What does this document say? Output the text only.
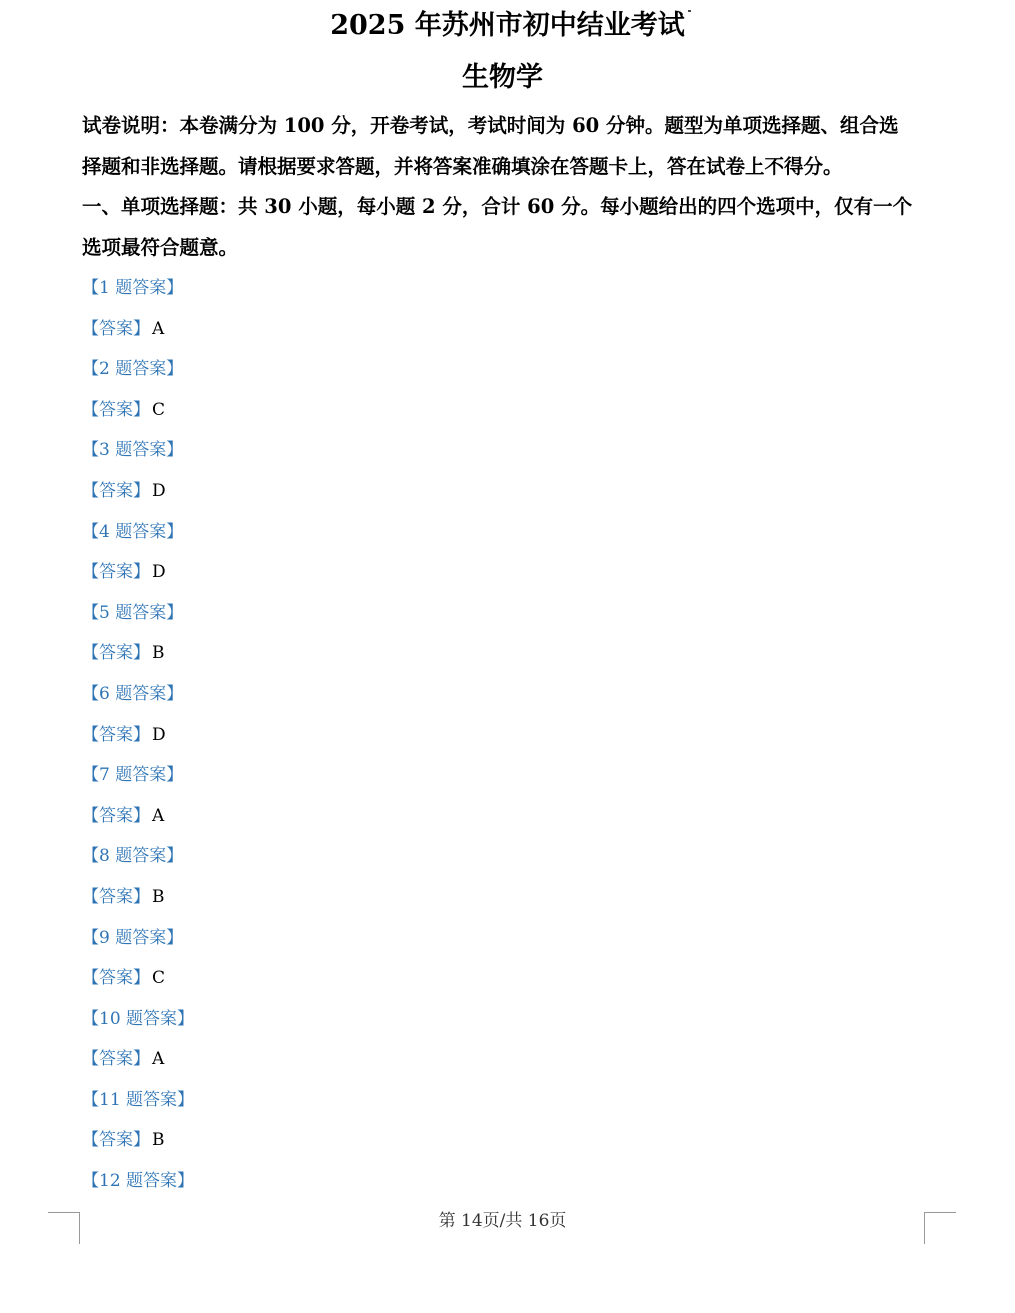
2025 年苏州市初中结业考试
生物学
试卷说明：本卷满分为 100 分，开卷考试，考试时间为 60 分钟。题型为单项选择题、组合选
择题和非选择题。请根据要求答题，并将答案准确填涂在答题卡上，答在试卷上不得分。
一、单项选择题：共 30 小题，每小题 2 分，合计 60 分。每小题给出的四个选项中，仅有一个
选项最符合题意。
【1 题答案】
【答案】 A
【2 题答案】
【答案】 C
【3 题答案】
【答案】 D
【4 题答案】
【答案】 D
【5 题答案】
【答案】 B
【6 题答案】
【答案】 D
【7 题答案】
【答案】 A
【8 题答案】
【答案】 B
【9 题答案】
【答案】 C
【10 题答案】
【答案】 A
【11 题答案】
【答案】 B
【12 题答案】
第 14页/共 16页
